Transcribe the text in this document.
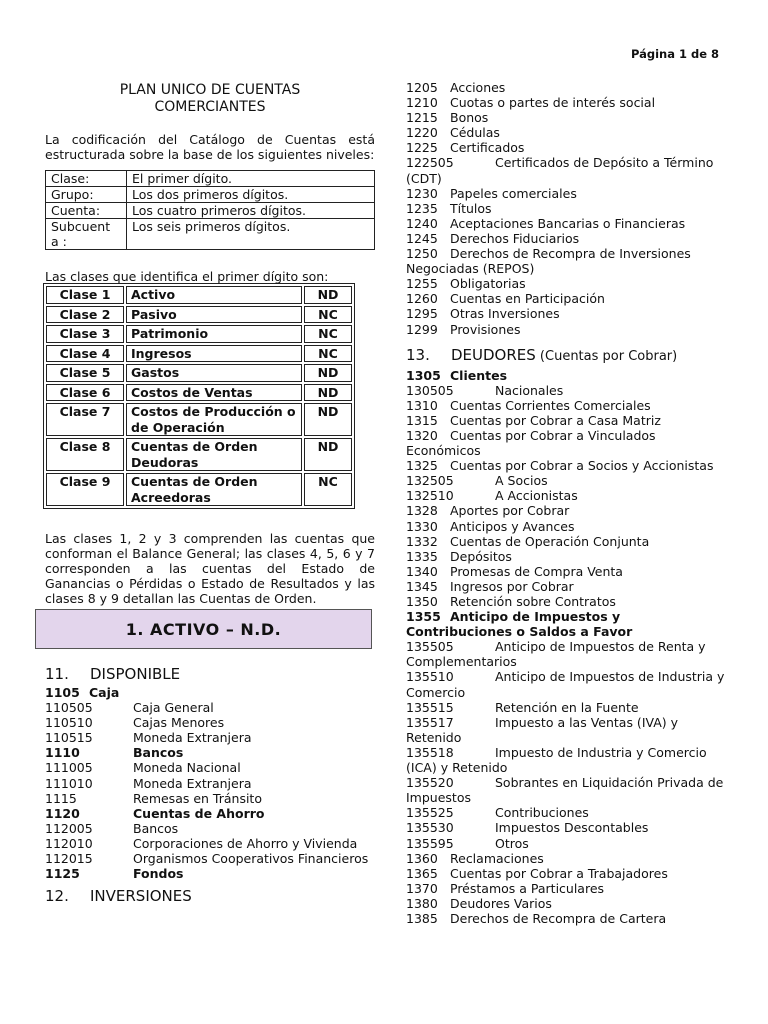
Página 1 de 8
PLAN UNICO DE CUENTAS
COMERCIANTES
La codificación del Catálogo de Cuentas está estructurada sobre la base de los siguientes niveles:
Clase:	El primer dígito.
Grupo:	Los dos primeros dígitos.
Cuenta:	Los cuatro primeros dígitos.
Subcuent a :	Los seis primeros dígitos.
Las clases que identifica el primer dígito son:
Clase 1	Activo	ND
Clase 2	Pasivo	NC
Clase 3	Patrimonio	NC
Clase 4	Ingresos	NC
Clase 5	Gastos	ND
Clase 6	Costos de Ventas	ND
Clase 7	Costos de Producción o de Operación	ND
Clase 8	Cuentas de Orden Deudoras	ND
Clase 9	Cuentas de Orden Acreedoras	NC
Las clases 1, 2 y 3 comprenden las cuentas que conforman el Balance General; las clases 4, 5, 6 y 7 corresponden a las cuentas del Estado de Ganancias o Pérdidas o Estado de Resultados y las clases 8 y 9 detallan las Cuentas de Orden.
1. ACTIVO – N.D.
11. DISPONIBLE
1105 Caja
110505	Caja General
110510	Cajas Menores
110515	Moneda Extranjera
1110	Bancos
111005	Moneda Nacional
111010	Moneda Extranjera
1115	Remesas en Tránsito
1120	Cuentas de Ahorro
112005	Bancos
112010	Corporaciones de Ahorro y Vivienda
112015	Organismos Cooperativos Financieros
1125	Fondos
12. INVERSIONES
1205 Acciones
1210 Cuotas o partes de interés social
1215 Bonos
1220 Cédulas
1225 Certificados
122505	Certificados de Depósito a Término (CDT)
1230 Papeles comerciales
1235 Títulos
1240 Aceptaciones Bancarias o Financieras
1245 Derechos Fiduciarios
1250 Derechos de Recompra de Inversiones Negociadas (REPOS)
1255 Obligatorias
1260 Cuentas en Participación
1295 Otras Inversiones
1299 Provisiones
13. DEUDORES (Cuentas por Cobrar)
1305 Clientes
130505	Nacionales
1310 Cuentas Corrientes Comerciales
1315 Cuentas por Cobrar a Casa Matriz
1320 Cuentas por Cobrar a Vinculados Económicos
1325 Cuentas por Cobrar a Socios y Accionistas
132505	A Socios
132510	A Accionistas
1328 Aportes por Cobrar
1330 Anticipos y Avances
1332 Cuentas de Operación Conjunta
1335 Depósitos
1340 Promesas de Compra Venta
1345 Ingresos por Cobrar
1350 Retención sobre Contratos
1355 Anticipo de Impuestos y Contribuciones o Saldos a Favor
135505	Anticipo de Impuestos de Renta y Complementarios
135510	Anticipo de Impuestos de Industria y Comercio
135515	Retención en la Fuente
135517	Impuesto a las Ventas (IVA) y Retenido
135518	Impuesto de Industria y Comercio (ICA) y Retenido
135520	Sobrantes en Liquidación Privada de Impuestos
135525	Contribuciones
135530	Impuestos Descontables
135595	Otros
1360 Reclamaciones
1365 Cuentas por Cobrar a Trabajadores
1370 Préstamos a Particulares
1380 Deudores Varios
1385 Derechos de Recompra de Cartera
